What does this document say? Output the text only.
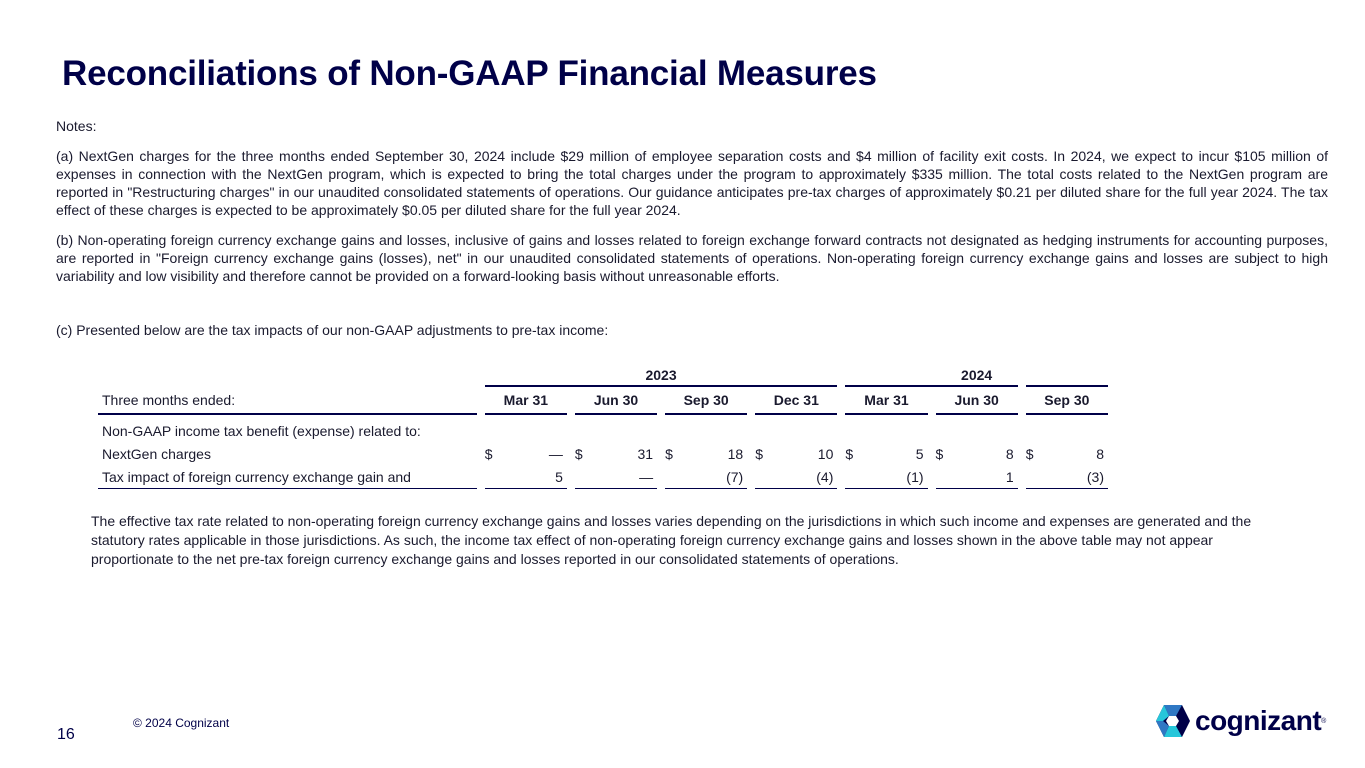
Reconciliations of Non-GAAP Financial Measures

Notes:

(a) NextGen charges for the three months ended September 30, 2024 include $29 million of employee separation costs and $4 million of facility exit costs. In 2024, we expect to incur $105 million of expenses in connection with the NextGen program, which is expected to bring the total charges under the program to approximately $335 million. The total costs related to the NextGen program are reported in "Restructuring charges" in our unaudited consolidated statements of operations. Our guidance anticipates pre-tax charges of approximately $0.21 per diluted share for the full year 2024. The tax effect of these charges is expected to be approximately $0.05 per diluted share for the full year 2024.

(b) Non-operating foreign currency exchange gains and losses, inclusive of gains and losses related to foreign exchange forward contracts not designated as hedging instruments for accounting purposes, are reported in "Foreign currency exchange gains (losses), net" in our unaudited consolidated statements of operations. Non-operating foreign currency exchange gains and losses are subject to high variability and low visibility and therefore cannot be provided on a forward-looking basis without unreasonable efforts.

(c) Presented below are the tax impacts of our non-GAAP adjustments to pre-tax income:

		2023															2024				
Three months ended:		Mar 31			Jun 30			Sep 30			Dec 31			Mar 31			Jun 30			Sep 30	
Non-GAAP income tax benefit (expense) related to:																					
NextGen charges		$	—		$	31		$	18		$	10		$	5		$	8		$	8
Tax impact of foreign currency exchange gain and			5			—			(7)			(4)			(1)			1			(3)

The effective tax rate related to non-operating foreign currency exchange gains and losses varies depending on the jurisdictions in which such income and expenses are generated and the statutory rates applicable in those jurisdictions. As such, the income tax effect of non-operating foreign currency exchange gains and losses shown in the above table may not appear proportionate to the net pre-tax foreign currency exchange gains and losses reported in our consolidated statements of operations.

© 2024 Cognizant
16	cognizant ®
